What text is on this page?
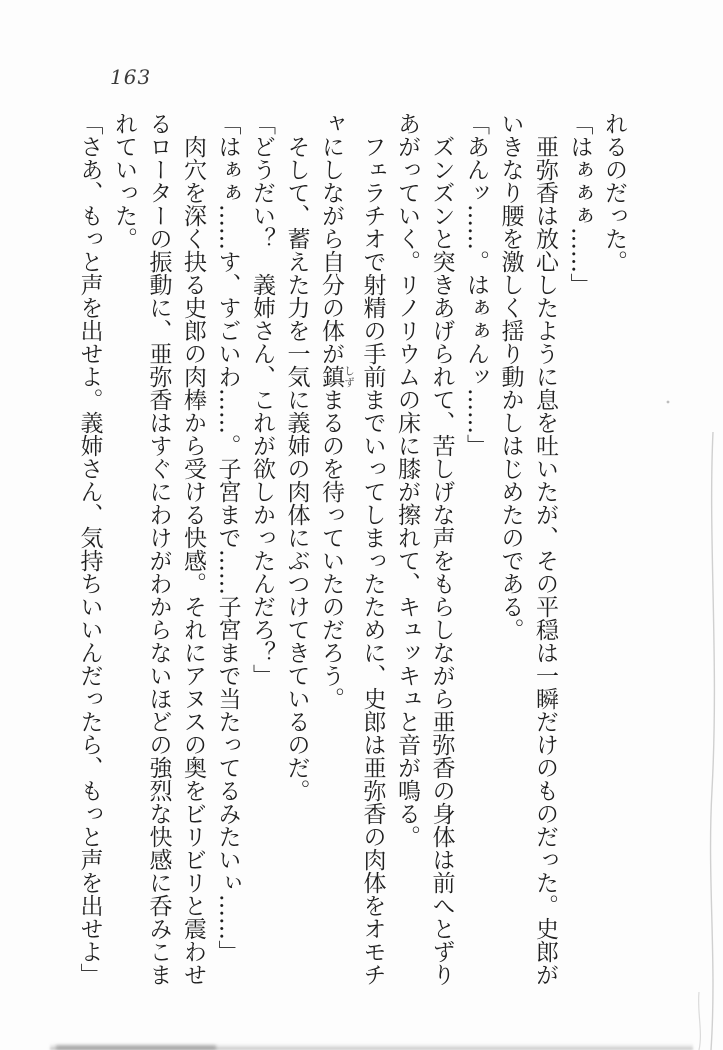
163

れるのだった。

「はぁぁぁ……」

　亜弥香は放心したように息を吐いたが、その平穏は一瞬だけのものだった。史郎が

いきなり腰を激しく揺り動かしはじめたのである。

「あんッ……。はぁぁんッ……」

　ズンズンと突きあげられて、苦しげな声をもらしながら亜弥香の身体は前へとずり

あがっていく。リノリウムの床に膝が擦れて、キュッキュと音が鳴る。

　フェラチオで射精の手前までいってしまったために、史郎は亜弥香の肉体をオモチ

ャにしながら自分の体が鎮 しずまるのを待っていたのだろう。

　そして、蓄えた力を一気に義姉の肉体にぶつけてきているのだ。

「どうだい？　義姉さん、これが欲しかったんだろ？」

「はぁぁ……す、すごいわ……。子宮まで……子宮まで当たってるみたいぃ……」

　肉穴を深く抉る史郎の肉棒から受ける快感。それにアヌスの奥をビリビリと震わせ

るローターの振動に、亜弥香はすぐにわけがわからないほどの強烈な快感に呑みこま

れていった。

「さあ、もっと声を出せよ。義姉さん、気持ちいいんだったら、もっと声を出せよ」
